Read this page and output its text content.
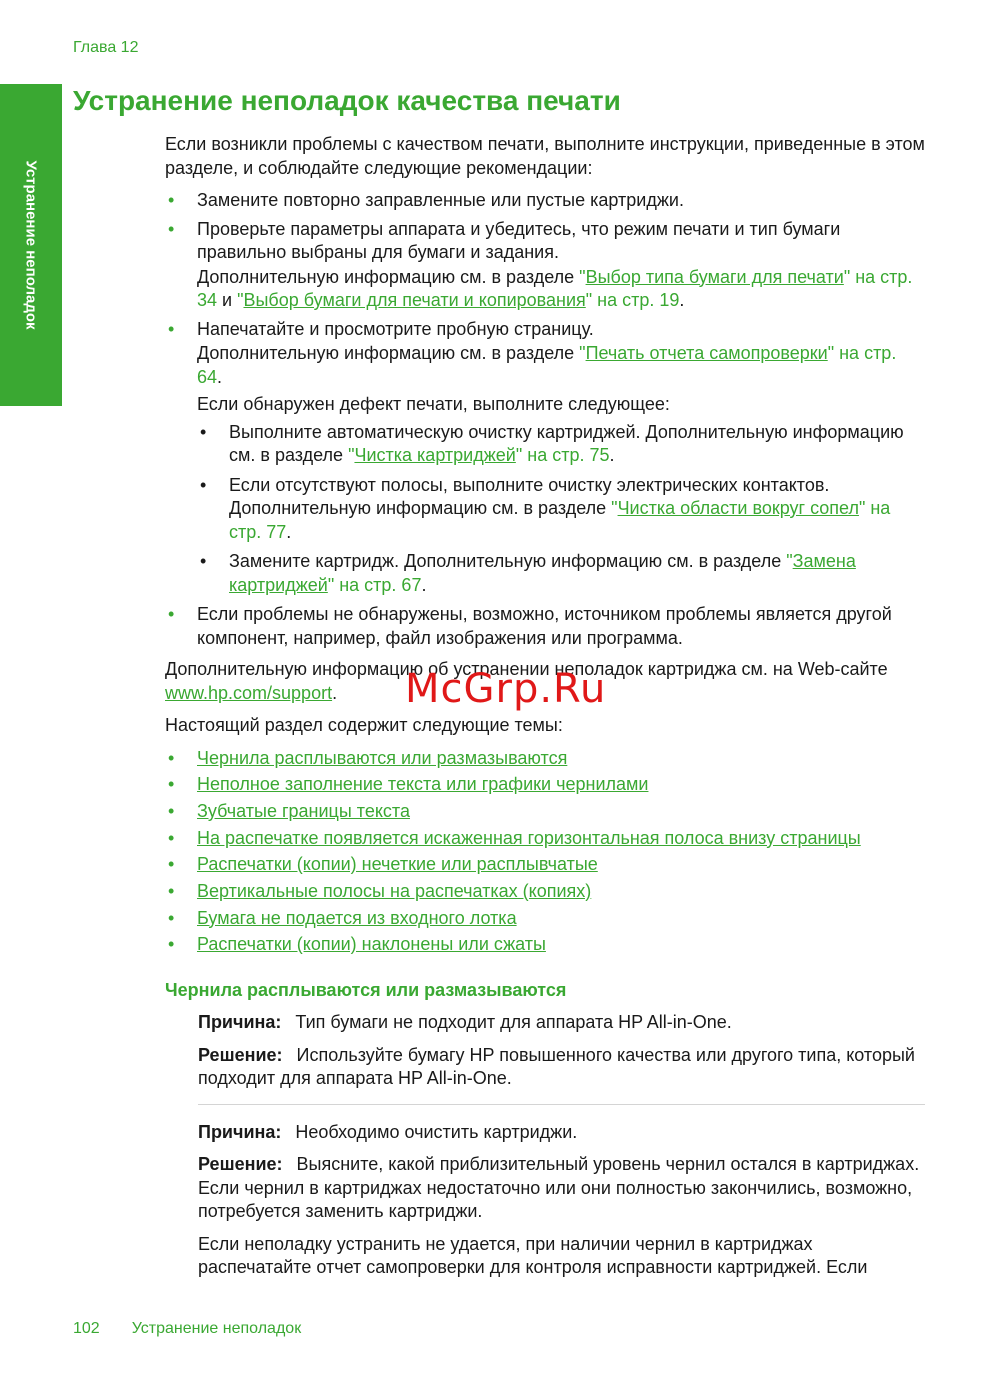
Глава 12
Устранение неполадок
Устранение неполадок качества печати

Если возникли проблемы с качеством печати, выполните инструкции, приведенные в этом разделе, и соблюдайте следующие рекомендации:

• Замените повторно заправленные или пустые картриджи.
• Проверьте параметры аппарата и убедитесь, что режим печати и тип бумаги правильно выбраны для бумаги и задания.
Дополнительную информацию см. в разделе "Выбор типа бумаги для печати" на стр. 34 и "Выбор бумаги для печати и копирования" на стр. 19.
• Напечатайте и просмотрите пробную страницу.
Дополнительную информацию см. в разделе "Печать отчета самопроверки" на стр. 64.
Если обнаружен дефект печати, выполните следующее:
• Выполните автоматическую очистку картриджей. Дополнительную информацию см. в разделе "Чистка картриджей" на стр. 75.
• Если отсутствуют полосы, выполните очистку электрических контактов. Дополнительную информацию см. в разделе "Чистка области вокруг сопел" на стр. 77.
• Замените картридж. Дополнительную информацию см. в разделе "Замена картриджей" на стр. 67.
• Если проблемы не обнаружены, возможно, источником проблемы является другой компонент, например, файл изображения или программа.

Дополнительную информацию об устранении неполадок картриджа см. на Web-сайте www.hp.com/support.

Настоящий раздел содержит следующие темы:

• Чернила расплываются или размазываются
• Неполное заполнение текста или графики чернилами
• Зубчатые границы текста
• На распечатке появляется искаженная горизонтальная полоса внизу страницы
• Распечатки (копии) нечеткие или расплывчатые
• Вертикальные полосы на распечатках (копиях)
• Бумага не подается из входного лотка
• Распечатки (копии) наклонены или сжаты
Чернила расплываются или размазываются

Причина: Тип бумаги не подходит для аппарата HP All-in-One.

Решение: Используйте бумагу HP повышенного качества или другого типа, который подходит для аппарата HP All-in-One.

Причина: Необходимо очистить картриджи.

Решение: Выясните, какой приблизительный уровень чернил остался в картриджах. Если чернил в картриджах недостаточно или они полностью закончились, возможно, потребуется заменить картриджи.

Если неполадку устранить не удается, при наличии чернил в картриджах распечатайте отчет самопроверки для контроля исправности картриджей. Если

102 Устранение неполадок
McGrp.Ru
